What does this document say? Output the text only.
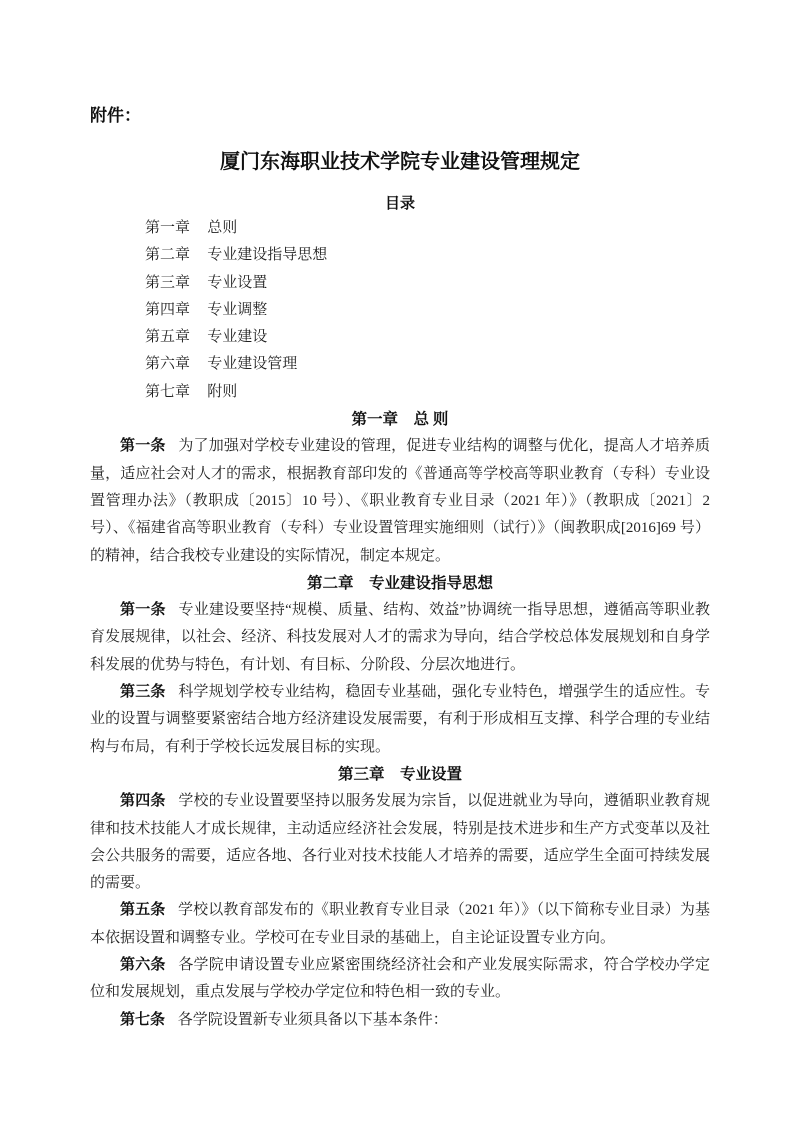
附件：
厦门东海职业技术学院专业建设管理规定
目录
第一章 总则
第二章 专业建设指导思想
第三章 专业设置
第四章 专业调整
第五章 专业建设
第六章 专业建设管理
第七章 附则
第一章　总 则

第一条 为了加强对学校专业建设的管理，促进专业结构的调整与优化，提高人才培养质量，适应社会对人才的需求，根据教育部印发的《普通高等学校高等职业教育（专科）专业设置管理办法》（教职成〔2015〕10 号）、《职业教育专业目录（2021 年）》（教职成〔2021〕2 号）、《福建省高等职业教育（专科）专业设置管理实施细则（试行）》（闽教职成[2016]69 号）的精神，结合我校专业建设的实际情况，制定本规定。

第二章　专业建设指导思想

第一条 专业建设要坚持“规模、质量、结构、效益”协调统一指导思想，遵循高等职业教育发展规律，以社会、经济、科技发展对人才的需求为导向，结合学校总体发展规划和自身学科发展的优势与特色，有计划、有目标、分阶段、分层次地进行。

第三条 科学规划学校专业结构，稳固专业基础，强化专业特色，增强学生的适应性。专业的设置与调整要紧密结合地方经济建设发展需要，有利于形成相互支撑、科学合理的专业结构与布局，有利于学校长远发展目标的实现。

第三章　专业设置

第四条 学校的专业设置要坚持以服务发展为宗旨，以促进就业为导向，遵循职业教育规律和技术技能人才成长规律，主动适应经济社会发展，特别是技术进步和生产方式变革以及社会公共服务的需要，适应各地、各行业对技术技能人才培养的需要，适应学生全面可持续发展的需要。

第五条 学校以教育部发布的《职业教育专业目录（2021 年）》（以下简称专业目录）为基本依据设置和调整专业。学校可在专业目录的基础上，自主论证设置专业方向。

第六条 各学院申请设置专业应紧密围绕经济社会和产业发展实际需求，符合学校办学定位和发展规划，重点发展与学校办学定位和特色相一致的专业。

第七条 各学院设置新专业须具备以下基本条件：
